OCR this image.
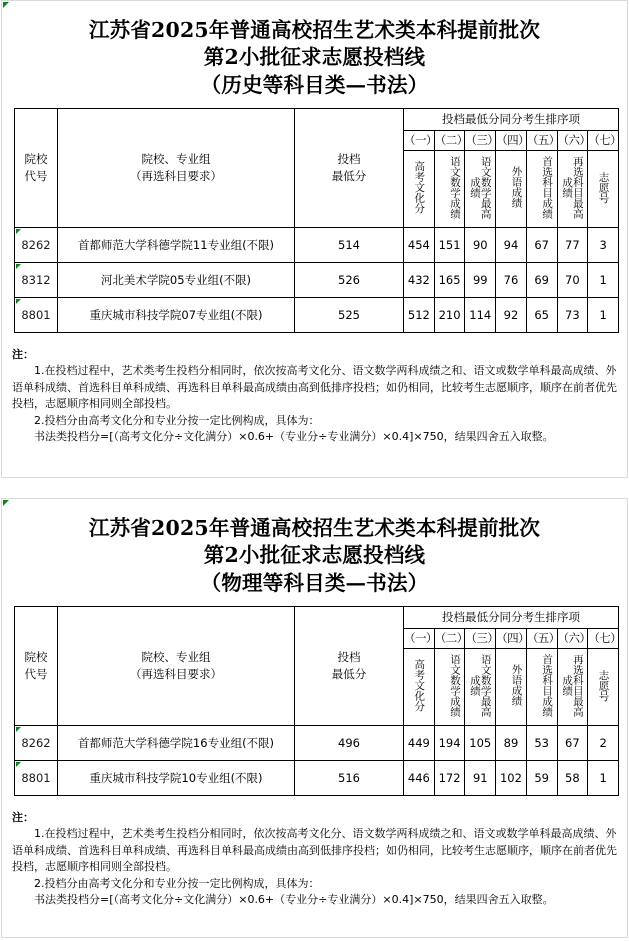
江苏省2025年普通高校招生艺术类本科提前批次
第2小批征求志愿投档线
（历史等科目类—书法）
院校
代号

院校、专业组
（再选科目要求）

投档
最低分
	投档最低分同分考生排序项
			（一）	（二）	（三）	（四）	（五）	（六）	（七）
			高考文化分	语文数学成绩	语文数学最高成绩	外语成绩	首选科目成绩	再选科目最高成绩	志愿号

8262	首都师范大学科德学院11专业组(不限)	514	454	151	90	94	67	77	3

8312	河北美术学院05专业组(不限)	526	432	165	99	76	69	70	1

8801	重庆城市科技学院07专业组(不限)	525	512	210	114	92	65	73	1

注：

1.在投档过程中，艺术类考生投档分相同时，依次按高考文化分、语文数学两科成绩之和、语文或数学单科最高成绩、外语单科成绩、首选科目单科成绩、再选科目单科最高成绩由高到低排序投档；如仍相同，比较考生志愿顺序，顺序在前者优先投档，志愿顺序相同则全部投档。

2.投档分由高考文化分和专业分按一定比例构成，具体为：

书法类投档分=[（高考文化分÷文化满分）×0.6+（专业分÷专业满分）×0.4]×750，结果四舍五入取整。

江苏省2025年普通高校招生艺术类本科提前批次
第2小批征求志愿投档线
（物理等科目类—书法）
院校
代号

院校、专业组
（再选科目要求）

投档
最低分
	投档最低分同分考生排序项
			（一）	（二）	（三）	（四）	（五）	（六）	（七）
			高考文化分	语文数学成绩	语文数学最高成绩	外语成绩	首选科目成绩	再选科目最高成绩	志愿号

8262	首都师范大学科德学院16专业组(不限)	496	449	194	105	89	53	67	2

8801	重庆城市科技学院10专业组(不限)	516	446	172	91	102	59	58	1

注：

1.在投档过程中，艺术类考生投档分相同时，依次按高考文化分、语文数学两科成绩之和、语文或数学单科最高成绩、外语单科成绩、首选科目单科成绩、再选科目单科最高成绩由高到低排序投档；如仍相同，比较考生志愿顺序，顺序在前者优先投档，志愿顺序相同则全部投档。

2.投档分由高考文化分和专业分按一定比例构成，具体为：

书法类投档分=[（高考文化分÷文化满分）×0.6+（专业分÷专业满分）×0.4]×750，结果四舍五入取整。
